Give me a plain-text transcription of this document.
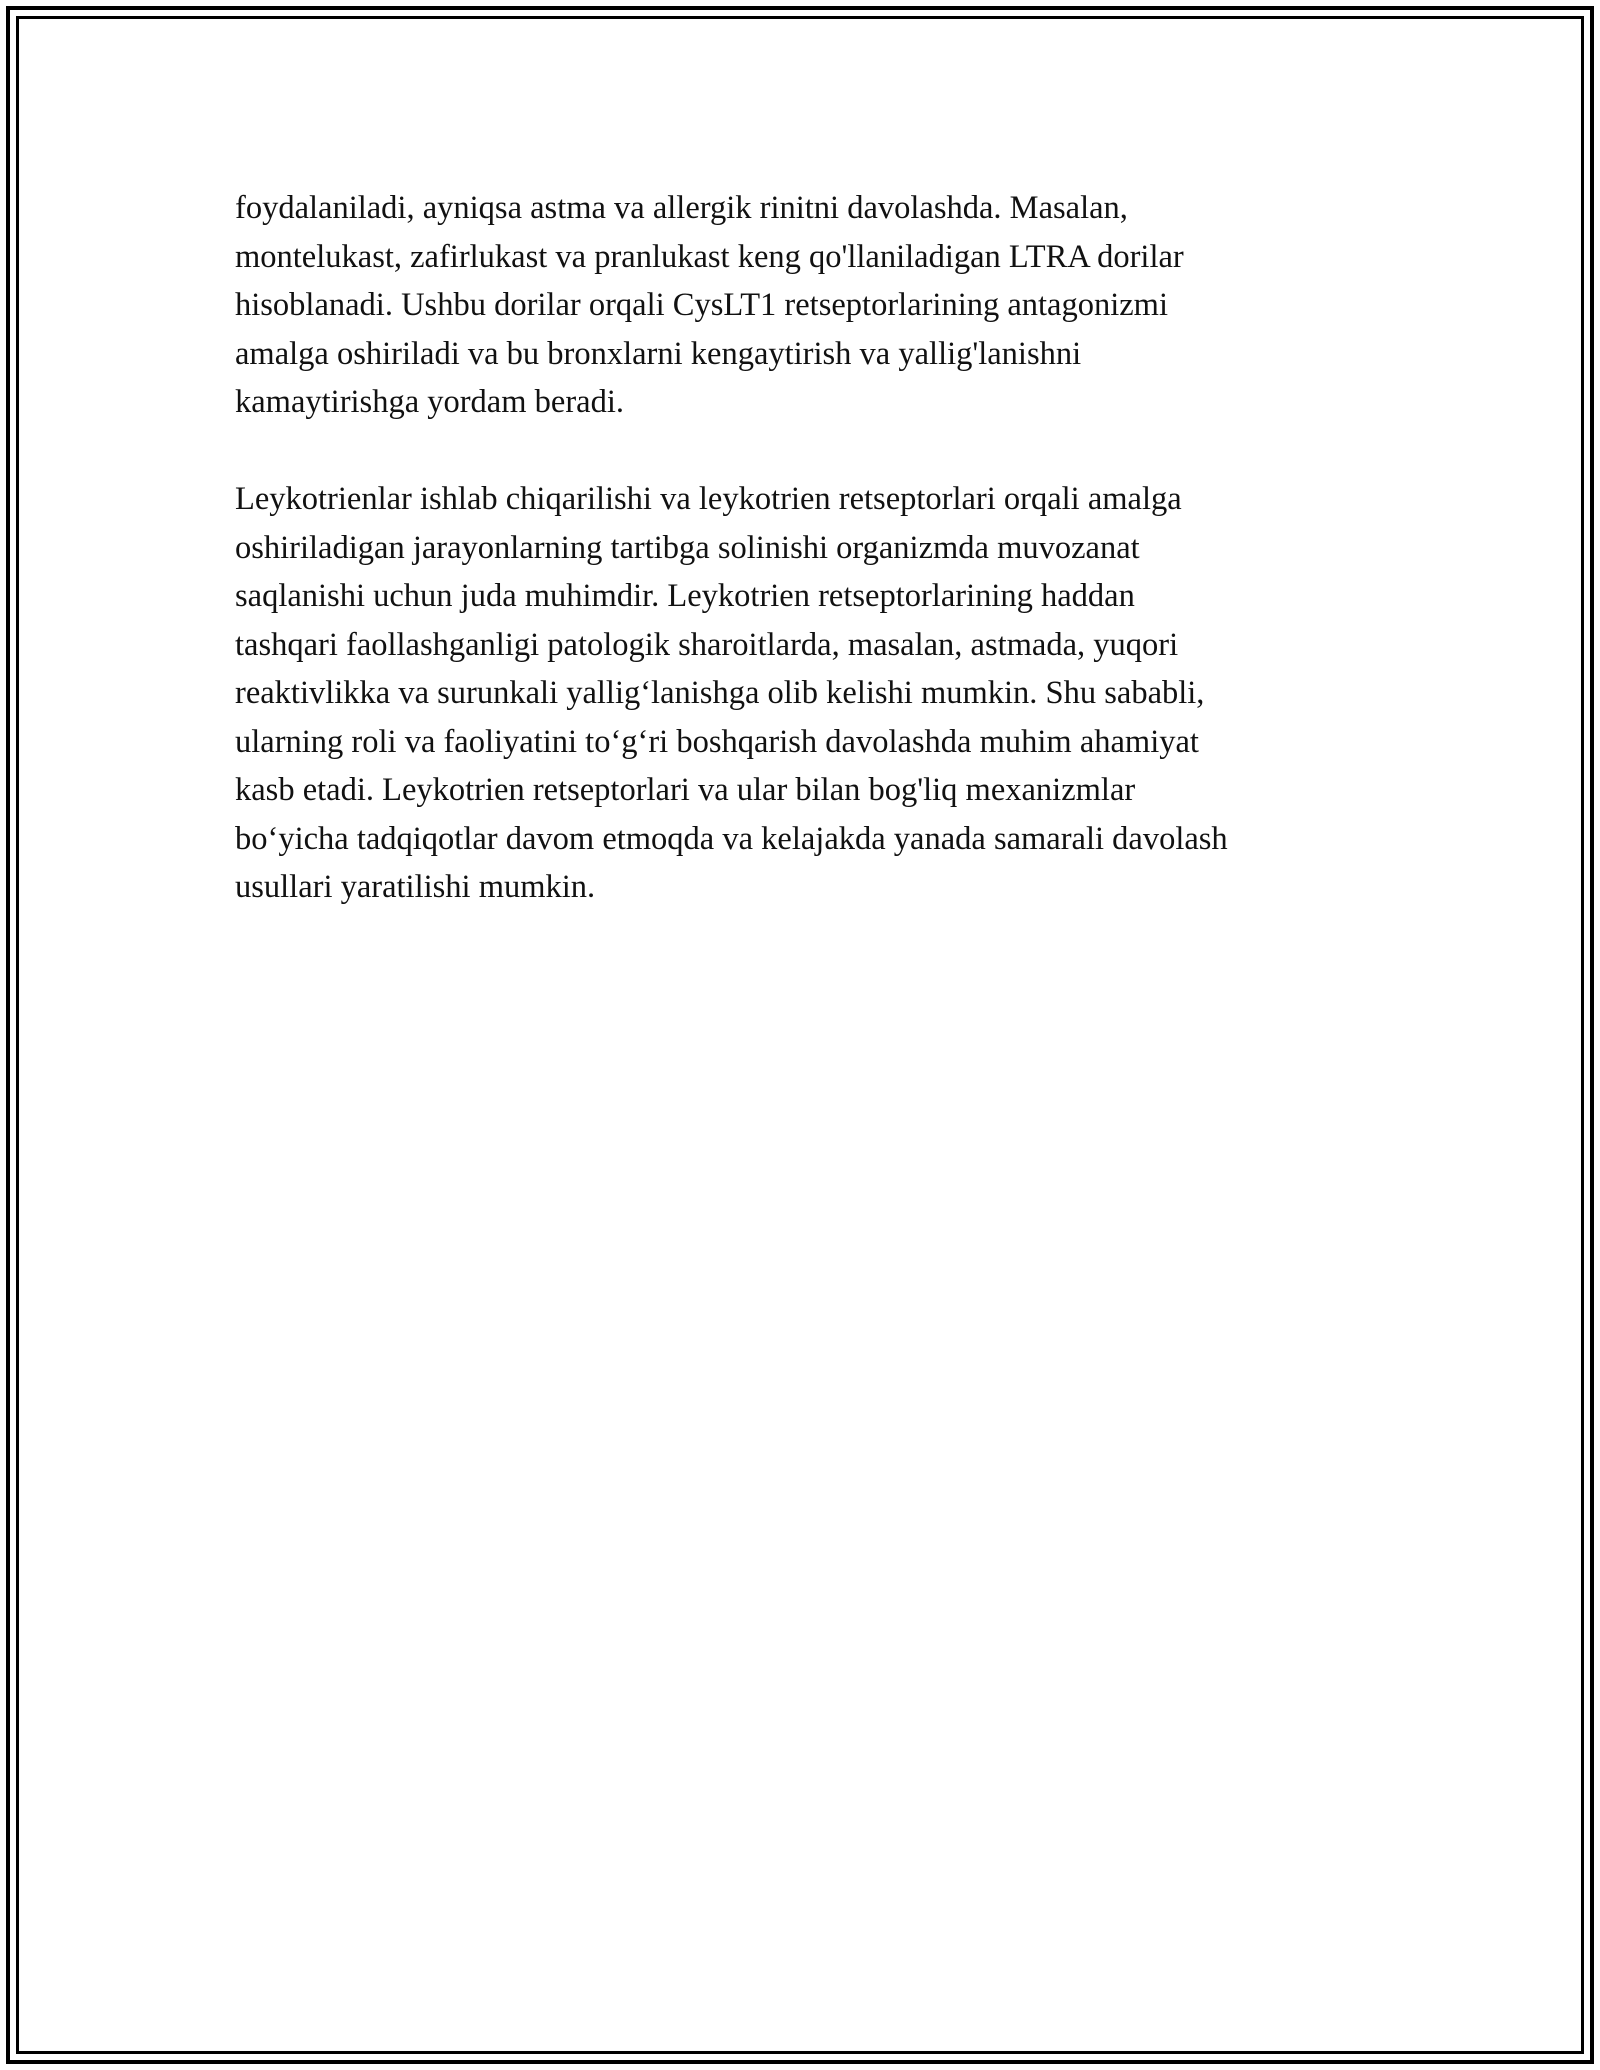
foydalaniladi, ayniqsa astma va allergik rinitni davolashda. Masalan,
montelukast, zafirlukast va pranlukast keng qo'llaniladigan LTRA dorilar
hisoblanadi. Ushbu dorilar orqali CysLT1 retseptorlarining antagonizmi
amalga oshiriladi va bu bronxlarni kengaytirish va yallig'lanishni
kamaytirishga yordam beradi.

Leykotrienlar ishlab chiqarilishi va leykotrien retseptorlari orqali amalga
oshiriladigan jarayonlarning tartibga solinishi organizmda muvozanat
saqlanishi uchun juda muhimdir. Leykotrien retseptorlarining haddan
tashqari faollashganligi patologik sharoitlarda, masalan, astmada, yuqori
reaktivlikka va surunkali yallig‘lanishga olib kelishi mumkin. Shu sababli,
ularning roli va faoliyatini to‘g‘ri boshqarish davolashda muhim ahamiyat
kasb etadi. Leykotrien retseptorlari va ular bilan bog'liq mexanizmlar
bo‘yicha tadqiqotlar davom etmoqda va kelajakda yanada samarali davolash
usullari yaratilishi mumkin.
